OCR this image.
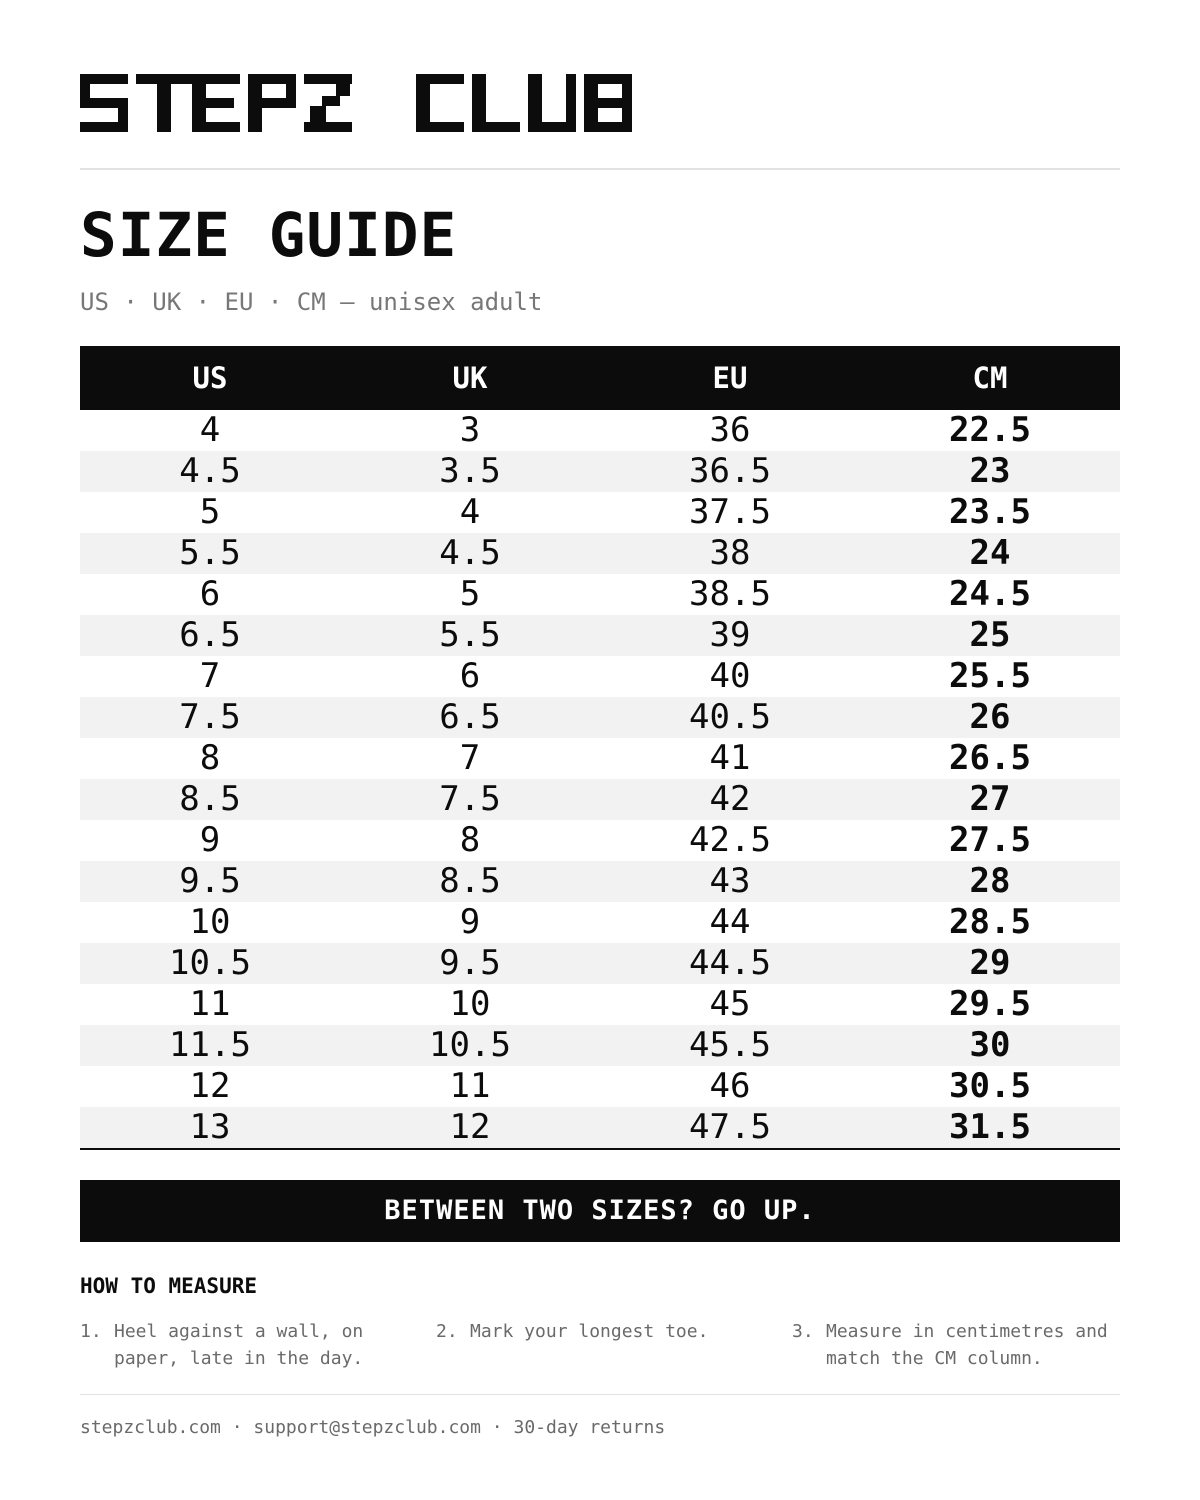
SIZE GUIDE
US · UK · EU · CM — unisex adult
US	UK	EU	CM
4	3	36	22.5
4.5	3.5	36.5	23
5	4	37.5	23.5
5.5	4.5	38	24
6	5	38.5	24.5
6.5	5.5	39	25
7	6	40	25.5
7.5	6.5	40.5	26
8	7	41	26.5
8.5	7.5	42	27
9	8	42.5	27.5
9.5	8.5	43	28
10	9	44	28.5
10.5	9.5	44.5	29
11	10	45	29.5
11.5	10.5	45.5	30
12	11	46	30.5
13	12	47.5	31.5
BETWEEN TWO SIZES? GO UP.
HOW TO MEASURE
1. Heel against a wall, on paper, late in the day.
2. Mark your longest toe.	3. Measure in centimetres and match the CM column.
stepzclub.com · support@stepzclub.com · 30-day returns
